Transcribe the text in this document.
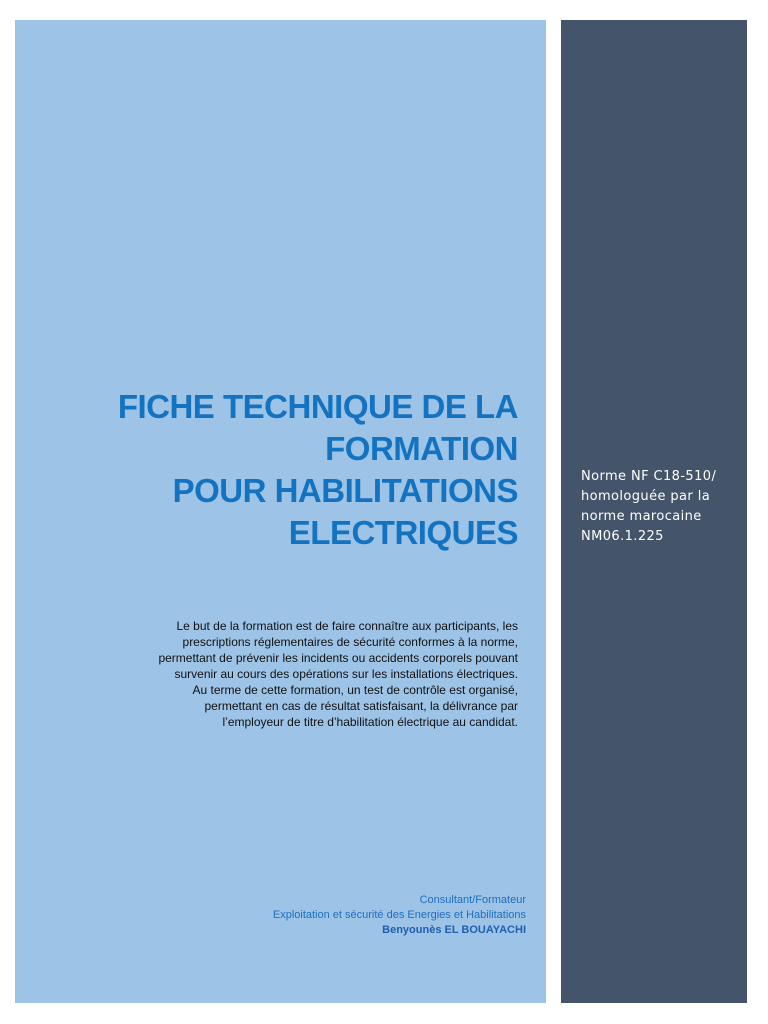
FICHE TECHNIQUE DE LA
FORMATION
POUR HABILITATIONS
ELECTRIQUES

Le but de la formation est de faire connaître aux participants, les
prescriptions réglementaires de sécurité conformes à la norme,
permettant de prévenir les incidents ou accidents corporels pouvant
survenir au cours des opérations sur les installations électriques.
Au terme de cette formation, un test de contrôle est organisé,
permettant en cas de résultat satisfaisant, la délivrance par
l’employeur de titre d’habilitation électrique au candidat.

Consultant/Formateur
Exploitation et sécurité des Energies et Habilitations
Benyounès EL BOUAYACHI
Norme NF C18-510/
homologuée par la
norme marocaine
NM06.1.225
